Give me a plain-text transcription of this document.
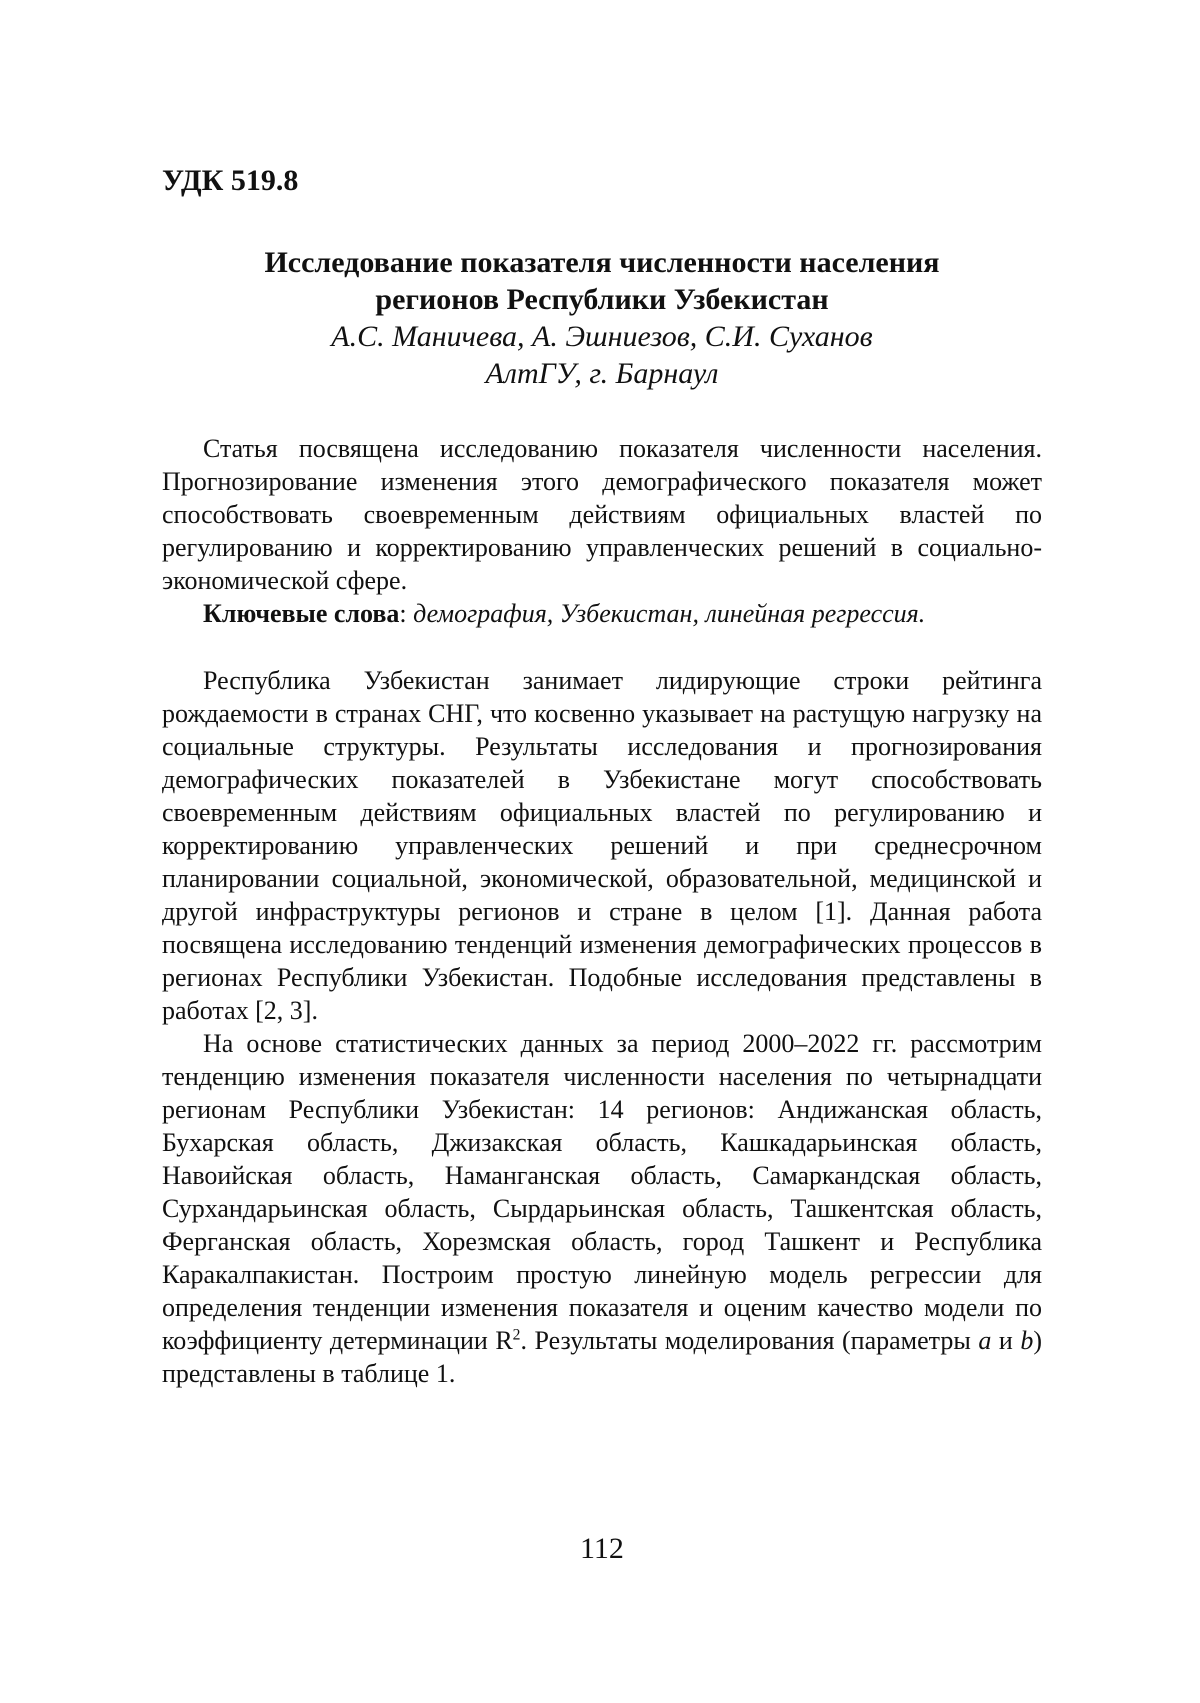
УДК 519.8

Исследование показателя численности населения

регионов Республики Узбекистан

А.С. Маничева, А. Эшниезов, С.И. Суханов

АлтГУ, г. Барнаул

Статья посвящена исследованию показателя численности населения. Прогнозирование изменения этого демографического показателя может способствовать своевременным действиям официальных властей по регулированию и корректированию управленческих решений в социально-экономической сфере.

Ключевые слова: демография, Узбекистан, линейная регрессия.

Республика Узбекистан занимает лидирующие строки рейтинга рождаемости в странах СНГ, что косвенно указывает на растущую нагрузку на социальные структуры. Результаты исследования и прогнозирования демографических показателей в Узбекистане могут способствовать своевременным действиям официальных властей по регулированию и корректированию управленческих решений и при среднесрочном планировании социальной, экономической, образовательной, медицинской и другой инфраструктуры регионов и стране в целом [1]. Данная работа посвящена исследованию тенденций изменения демографических процессов в регионах Республики Узбекистан. Подобные исследования представлены в работах [2, 3].

На основе статистических данных за период 2000–2022 гг. рассмотрим тенденцию изменения показателя численности населения по четырнадцати регионам Республики Узбекистан: 14 регионов: Андижанская область, Бухарская область, Джизакская область, Кашкадарьинская область, Навоийская область, Наманганская область, Самаркандская область, Сурхандарьинская область, Сырдарьинская область, Ташкентская область, Ферганская область, Хорезмская область, город Ташкент и Республика Каракалпакистан. Построим простую линейную модель регрессии для определения тенденции изменения показателя и оценим качество модели по коэффициенту детерминации $R^2$. Результаты моделирования (параметры a и b) представлены в таблице 1.

112
